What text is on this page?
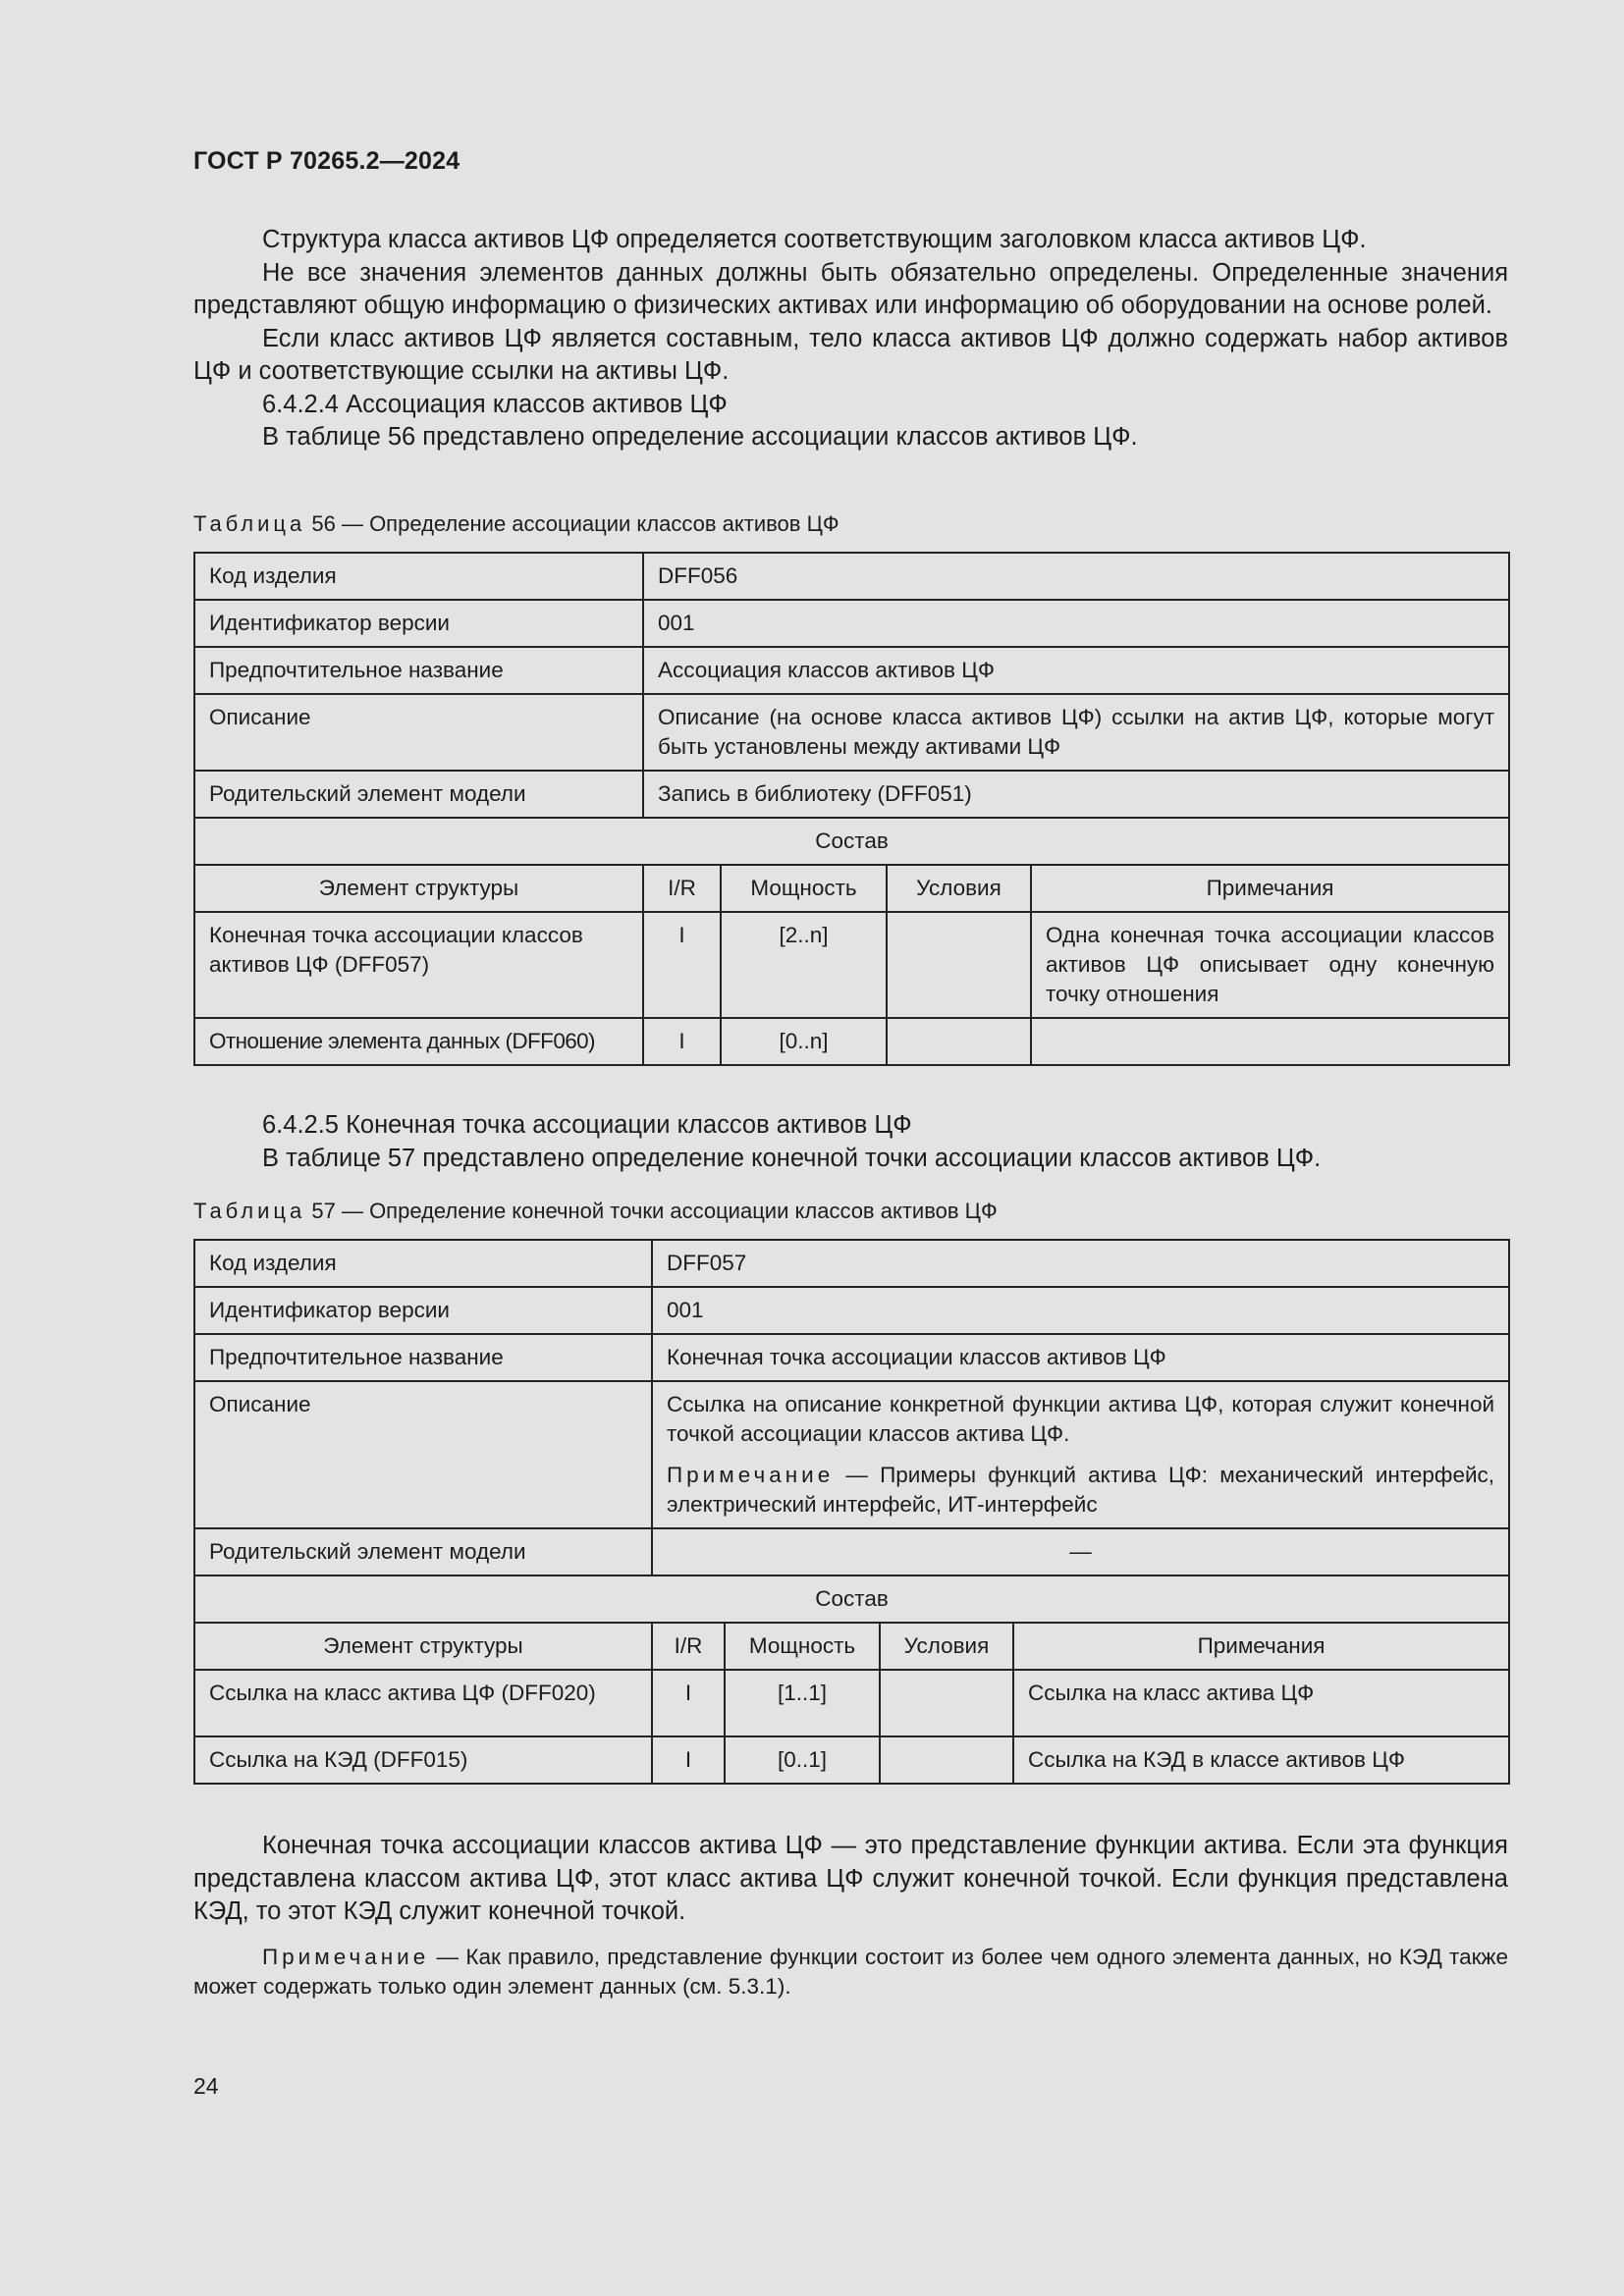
ГОСТ Р 70265.2—2024

Структура класса активов ЦФ определяется соответствующим заголовком класса активов ЦФ.

Не все значения элементов данных должны быть обязательно определены. Определенные значения представляют общую информацию о физических активах или информацию об оборудовании на основе ролей.

Если класс активов ЦФ является составным, тело класса активов ЦФ должно содержать набор активов ЦФ и соответствующие ссылки на активы ЦФ.

6.4.2.4 Ассоциация классов активов ЦФ

В таблице 56 представлено определение ассоциации классов активов ЦФ.

Таблица 56 — Определение ассоциации классов активов ЦФ
Код изделия	DFF056			
Идентификатор версии	001			
Предпочтительное название	Ассоциация классов активов ЦФ			
Описание	Описание (на основе класса активов ЦФ) ссылки на актив ЦФ, которые могут быть установлены между активами ЦФ			
Родительский элемент модели	Запись в библиотеку (DFF051)			
Состав				
Элемент структуры	I/R	Мощность	Условия	Примечания
Конечная точка ассоциации классов активов ЦФ (DFF057)	I	[2..n]		Одна конечная точка ассоциации классов активов ЦФ описывает одну конечную точку отношения
Отношение элемента данных (DFF060)	I	[0..n]		

6.4.2.5 Конечная точка ассоциации классов активов ЦФ

В таблице 57 представлено определение конечной точки ассоциации классов активов ЦФ.

Таблица 57 — Определение конечной точки ассоциации классов активов ЦФ
Код изделия	DFF057			
Идентификатор версии	001			
Предпочтительное название	Конечная точка ассоциации классов активов ЦФ			
Описание	Ссылка на описание конкретной функции актива ЦФ, которая служит конечной точкой ассоциации классов актива ЦФ.

Примечание — Примеры функций актива ЦФ: механический интерфейс, электрический интерфейс, ИТ-интерфейс			

Родительский элемент модели	—			
Состав				
Элемент структуры	I/R	Мощность	Условия	Примечания
Ссылка на класс актива ЦФ (DFF020)	I	[1..1]		Ссылка на класс актива ЦФ
Ссылка на КЭД (DFF015)	I	[0..1]		Ссылка на КЭД в классе активов ЦФ

Конечная точка ассоциации классов актива ЦФ — это представление функции актива. Если эта функция представлена классом актива ЦФ, этот класс актива ЦФ служит конечной точкой. Если функция представлена КЭД, то этот КЭД служит конечной точкой.

Примечание — Как правило, представление функции состоит из более чем одного элемента данных, но КЭД также может содержать только один элемент данных (см. 5.3.1).

24
